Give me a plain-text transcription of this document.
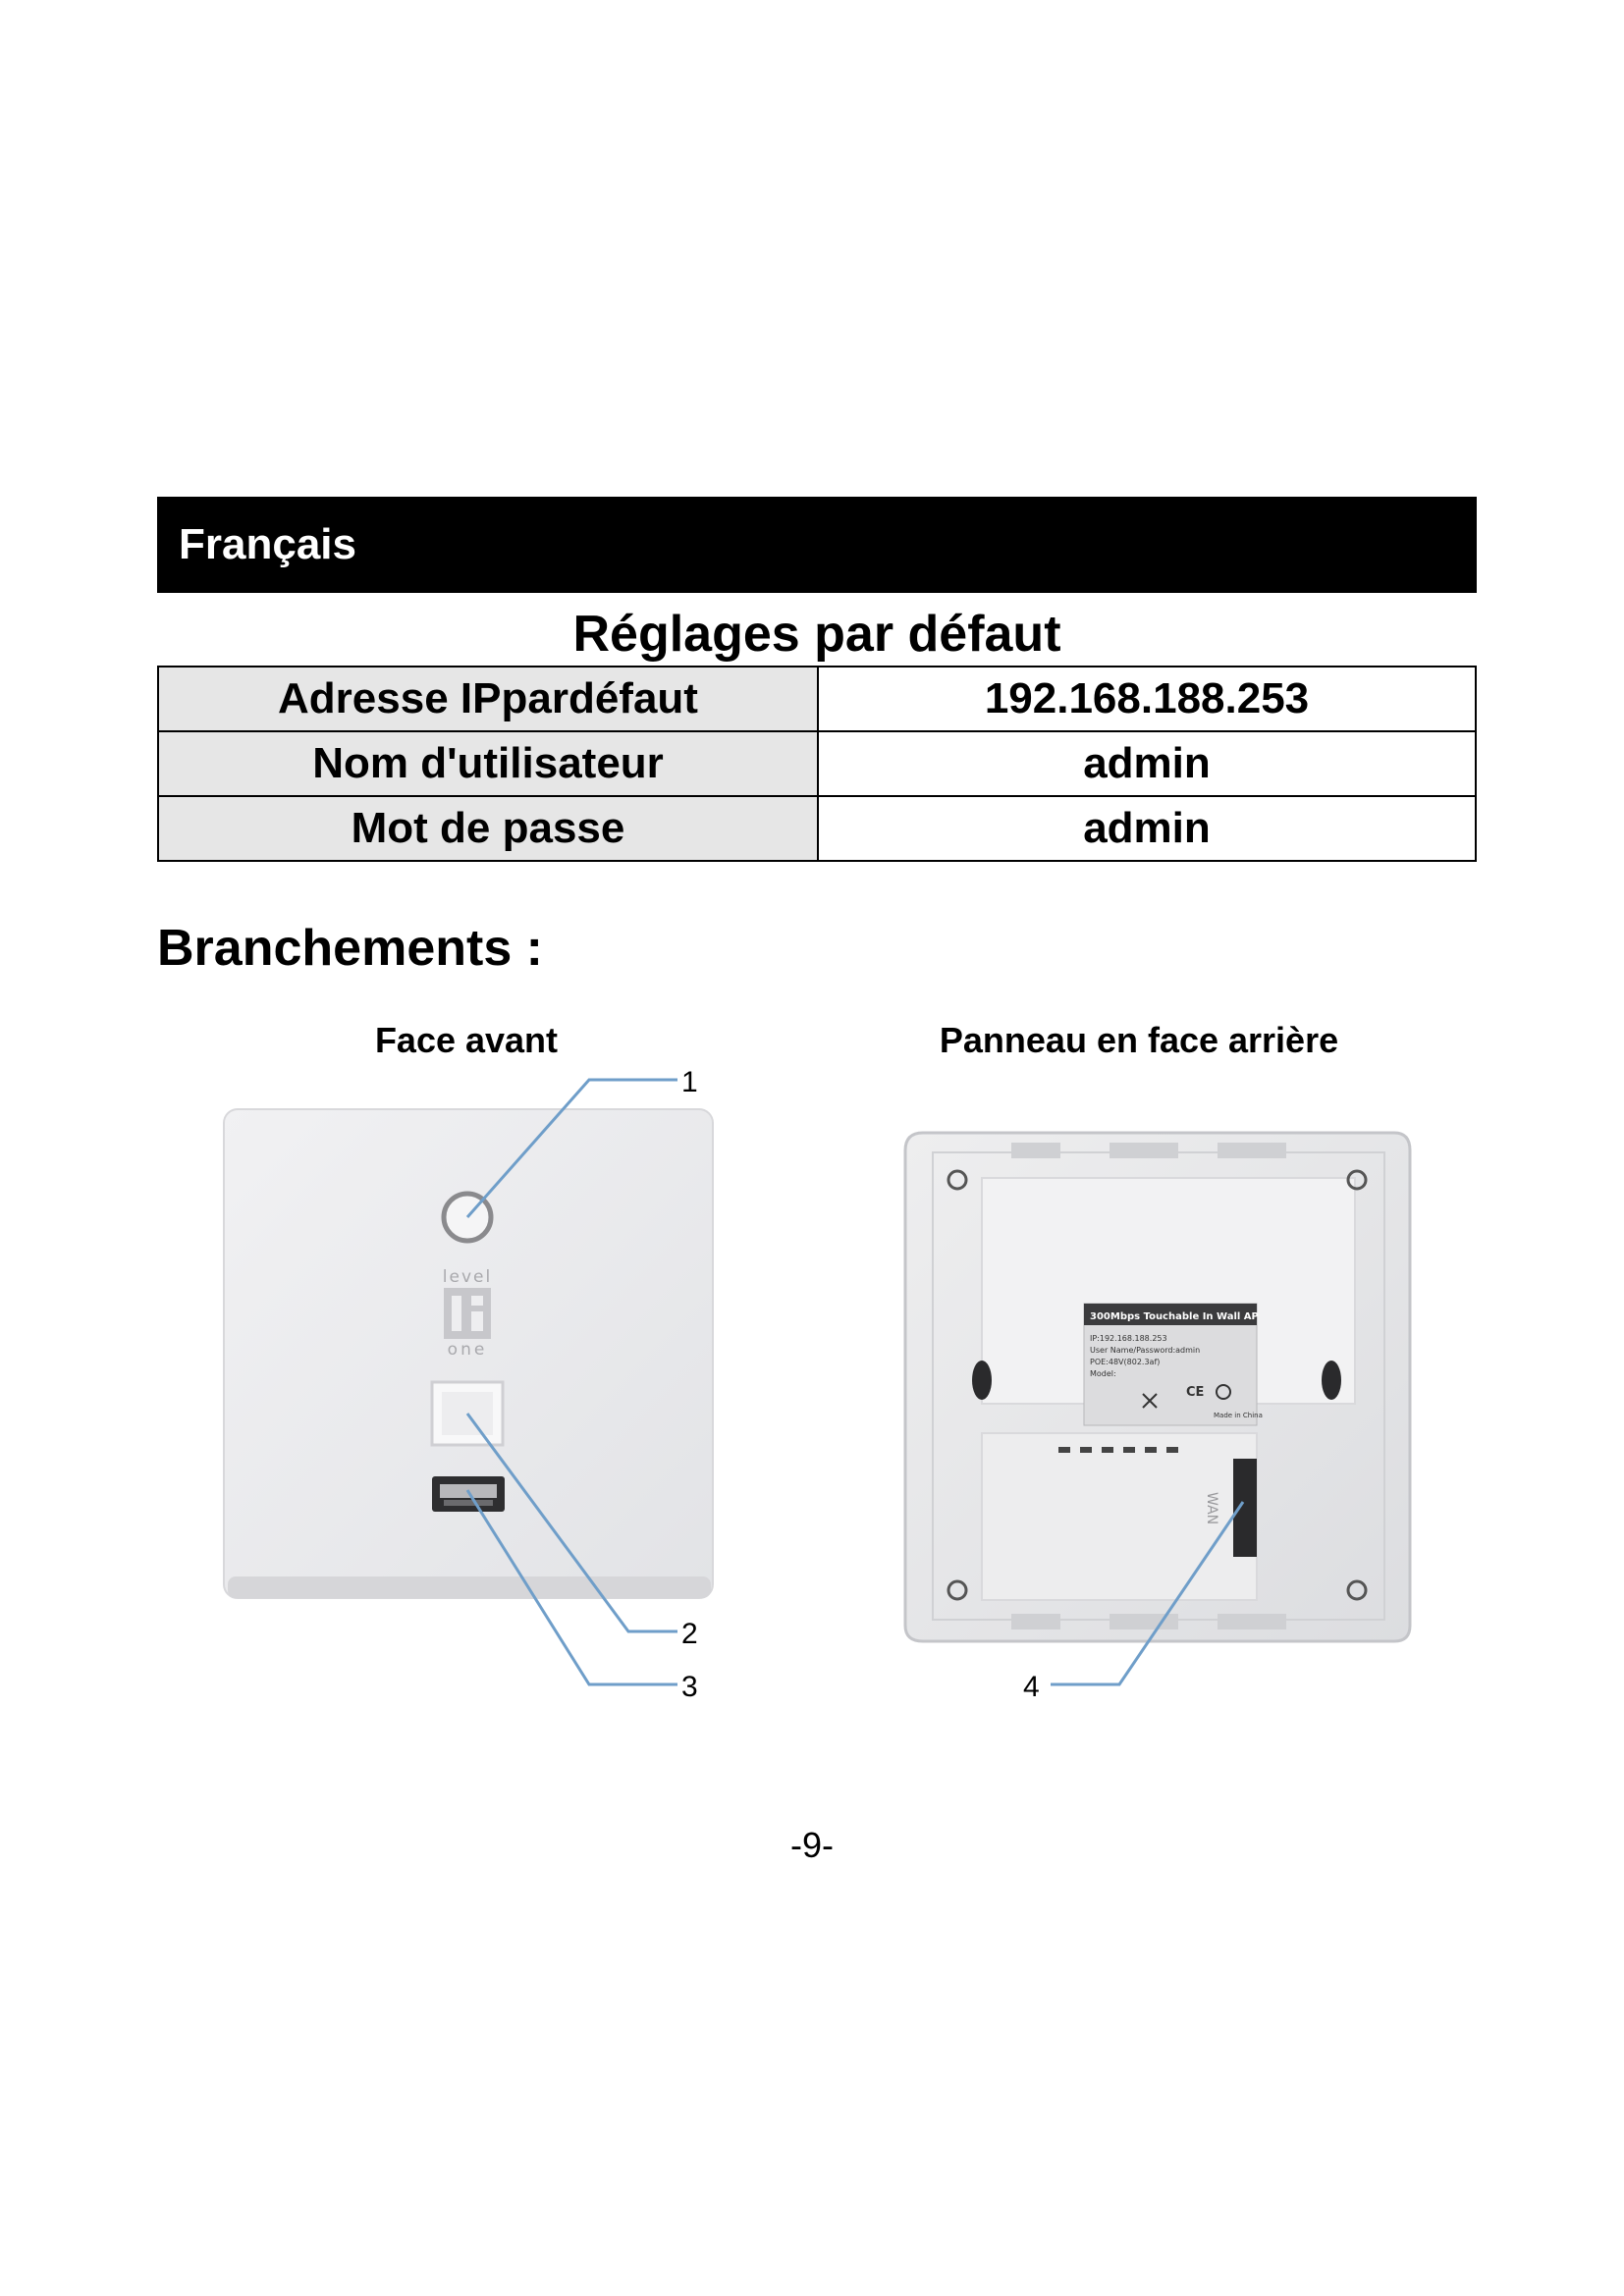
Français
Réglages par défaut
Adresse IPpardéfaut	192.168.188.253
Nom d'utilisateur	admin
Mot de passe	admin
Branchements :
Face avant	Panneau en face arrière
level
one
300Mbps Touchable In Wall AP
IP:192.168.188.253
User Name/Password:admin
POE:48V(802.3af)
Model:
CE
Made in China
WAN
1
2
3	4
-9-
